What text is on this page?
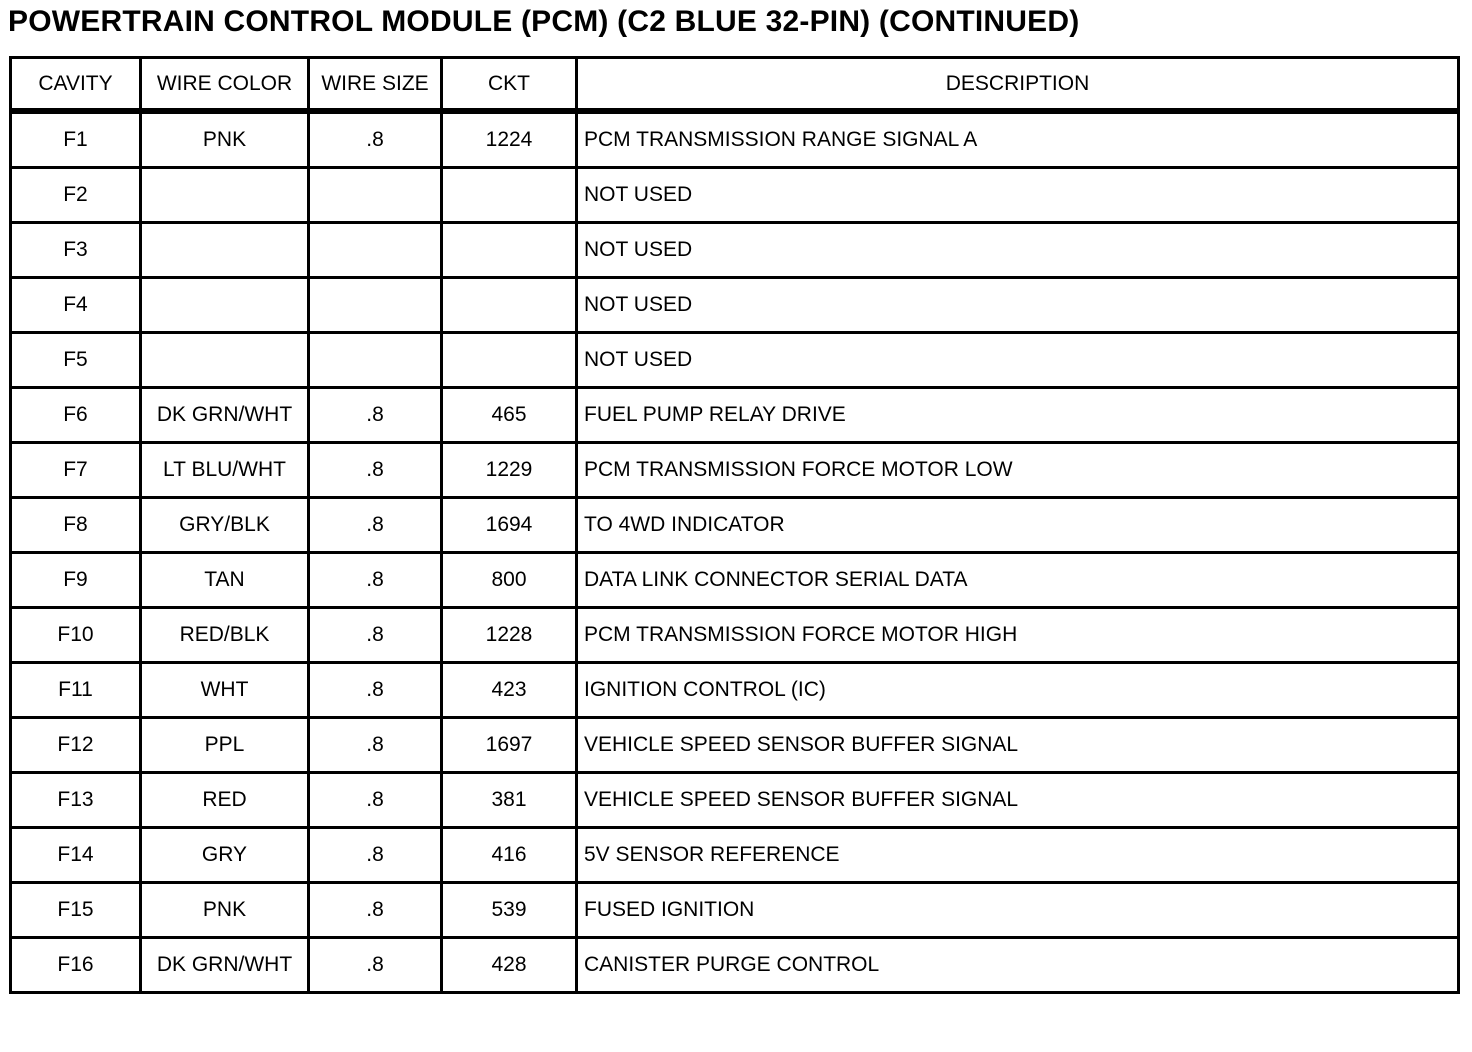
POWERTRAIN CONTROL MODULE (PCM) (C2 BLUE 32-PIN) (CONTINUED)
CAVITY	WIRE COLOR	WIRE SIZE	CKT	DESCRIPTION
F1	PNK	.8	1224	PCM TRANSMISSION RANGE SIGNAL A
F2				NOT USED
F3				NOT USED
F4				NOT USED
F5				NOT USED
F6	DK GRN/WHT	.8	465	FUEL PUMP RELAY DRIVE
F7	LT BLU/WHT	.8	1229	PCM TRANSMISSION FORCE MOTOR LOW
F8	GRY/BLK	.8	1694	TO 4WD INDICATOR
F9	TAN	.8	800	DATA LINK CONNECTOR SERIAL DATA
F10	RED/BLK	.8	1228	PCM TRANSMISSION FORCE MOTOR HIGH
F11	WHT	.8	423	IGNITION CONTROL (IC)
F12	PPL	.8	1697	VEHICLE SPEED SENSOR BUFFER SIGNAL
F13	RED	.8	381	VEHICLE SPEED SENSOR BUFFER SIGNAL
F14	GRY	.8	416	5V SENSOR REFERENCE
F15	PNK	.8	539	FUSED IGNITION
F16	DK GRN/WHT	.8	428	CANISTER PURGE CONTROL
